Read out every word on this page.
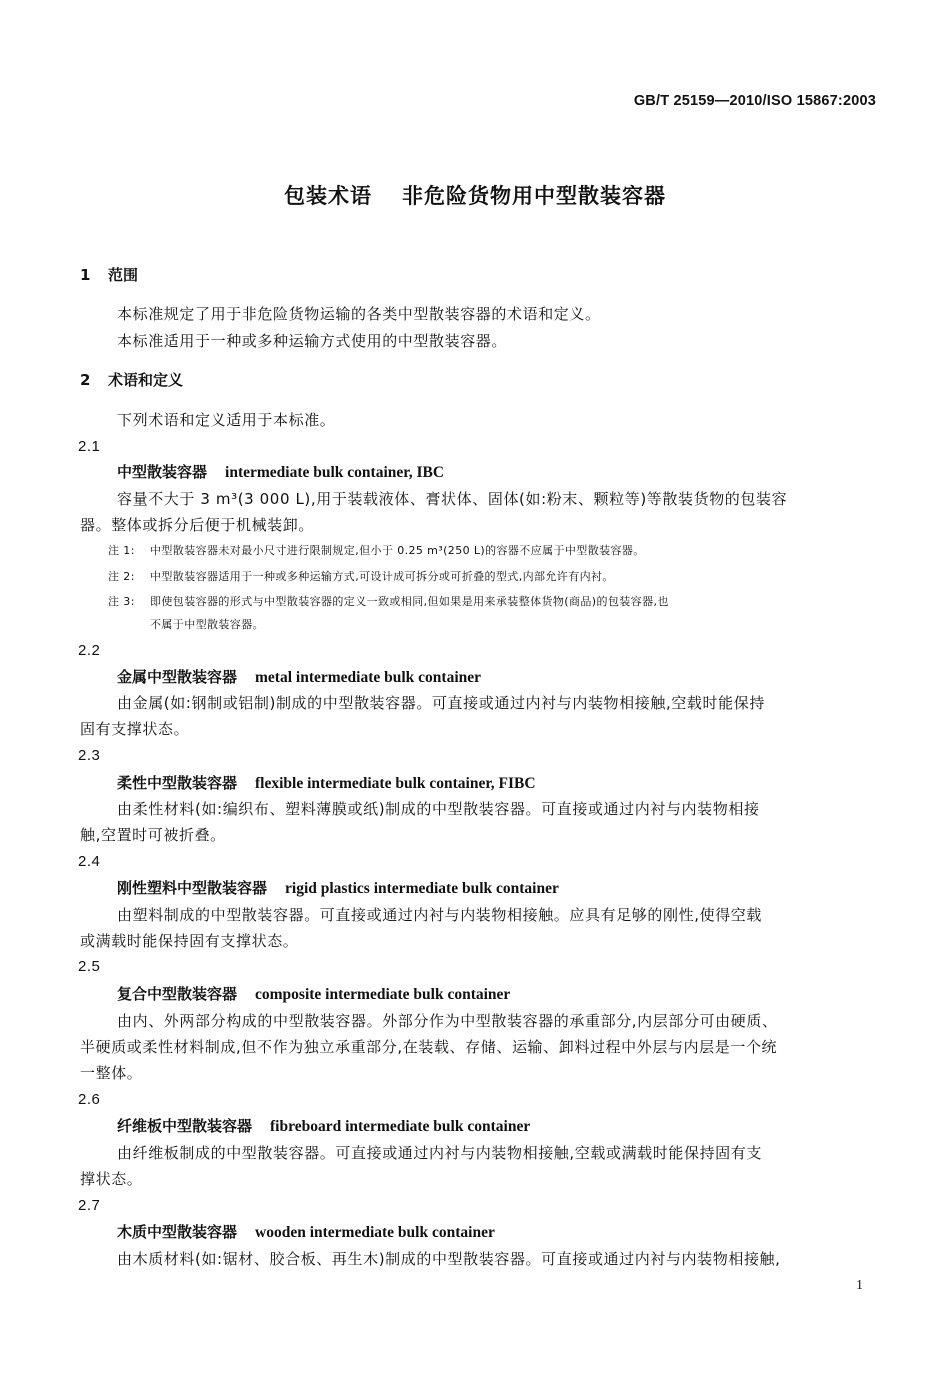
GB/T 25159—2010/ISO 15867:2003
包装术语 非危险货物用中型散装容器
1 范围
本标准规定了用于非危险货物运输的各类中型散装容器的术语和定义。
本标准适用于一种或多种运输方式使用的中型散装容器。
2 术语和定义
下列术语和定义适用于本标准。
2.1
中型散装容器 intermediate bulk container, IBC
容量不大于 3 m³(3 000 L),用于装载液体、膏状体、固体(如:粉末、颗粒等)等散装货物的包装容
器。整体或拆分后便于机械装卸。
注 1: 中型散装容器未对最小尺寸进行限制规定,但小于 0.25 m³(250 L)的容器不应属于中型散装容器。
注 2: 中型散装容器适用于一种或多种运输方式,可设计成可拆分或可折叠的型式,内部允许有内衬。
注 3: 即使包装容器的形式与中型散装容器的定义一致或相同,但如果是用来承装整体货物(商品)的包装容器,也
不属于中型散装容器。
2.2
金属中型散装容器 metal intermediate bulk container
由金属(如:钢制或铝制)制成的中型散装容器。可直接或通过内衬与内装物相接触,空载时能保持
固有支撑状态。
2.3
柔性中型散装容器 flexible intermediate bulk container, FIBC
由柔性材料(如:编织布、塑料薄膜或纸)制成的中型散装容器。可直接或通过内衬与内装物相接
触,空置时可被折叠。
2.4
刚性塑料中型散装容器 rigid plastics intermediate bulk container
由塑料制成的中型散装容器。可直接或通过内衬与内装物相接触。应具有足够的刚性,使得空载
或满载时能保持固有支撑状态。
2.5
复合中型散装容器 composite intermediate bulk container
由内、外两部分构成的中型散装容器。外部分作为中型散装容器的承重部分,内层部分可由硬质、
半硬质或柔性材料制成,但不作为独立承重部分,在装载、存储、运输、卸料过程中外层与内层是一个统
一整体。
2.6
纤维板中型散装容器 fibreboard intermediate bulk container
由纤维板制成的中型散装容器。可直接或通过内衬与内装物相接触,空载或满载时能保持固有支
撑状态。
2.7
木质中型散装容器 wooden intermediate bulk container
由木质材料(如:锯材、胶合板、再生木)制成的中型散装容器。可直接或通过内衬与内装物相接触,
1
